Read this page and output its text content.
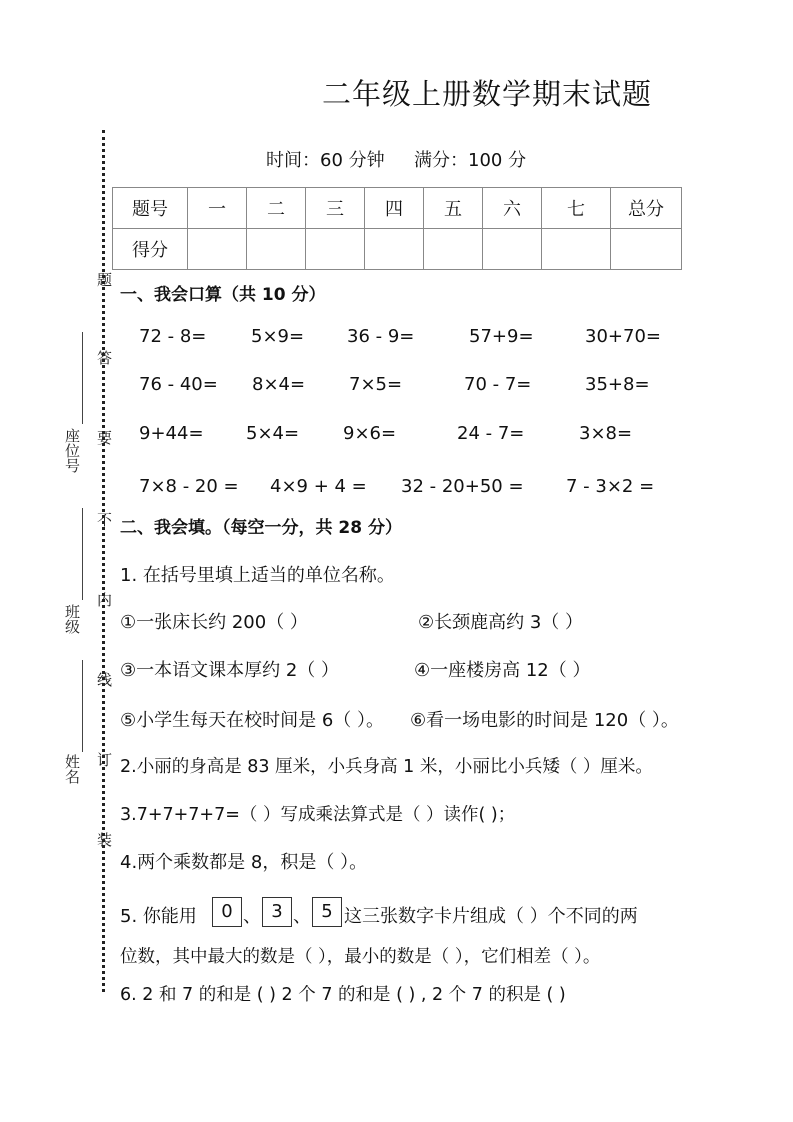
二年级上册数学期末试题
时间：60 分钟 满分：100 分
题
答
要
不
内
线
订
装
座位号
班级
姓名
题号	一	二	三	四	五	六	七	总分
得分								
一、我会口算（共 10 分）
72 - 8= 5×9= 36 - 9=	57+9=	30+70=
76 - 40= 8×4= 7×5=	70 - 7=	35+8=
9+44= 5×4= 9×6=	24 - 7=	3×8=
7×8 - 20 = 4×9 + 4 = 32 - 20+50 = 7 - 3×2 =
二、我会填。（每空一分，共 28 分）
1. 在括号里填上适当的单位名称。
①一张床长约 200（ ）	②长颈鹿高约 3（ ）
③一本语文课本厚约 2（ ）	④一座楼房高 12（ ）
⑤小学生每天在校时间是 6（ ）。 ⑥看一场电影的时间是 120（ ）。
2.小丽的身高是 83 厘米，小兵身高 1 米，小丽比小兵矮（ ）厘米。
3.7+7+7+7=（ ）写成乘法算式是（ ）读作( )；
4.两个乘数都是 8，积是（ ）。
5. 你能用	0 、 3 、 5 这三张数字卡片组成（ ）个不同的两
位数，其中最大的数是（ ），最小的数是（ ），它们相差（ ）。
6. 2 和 7 的和是 ( ) 2 个 7 的和是 ( ) , 2 个 7 的积是 ( )
